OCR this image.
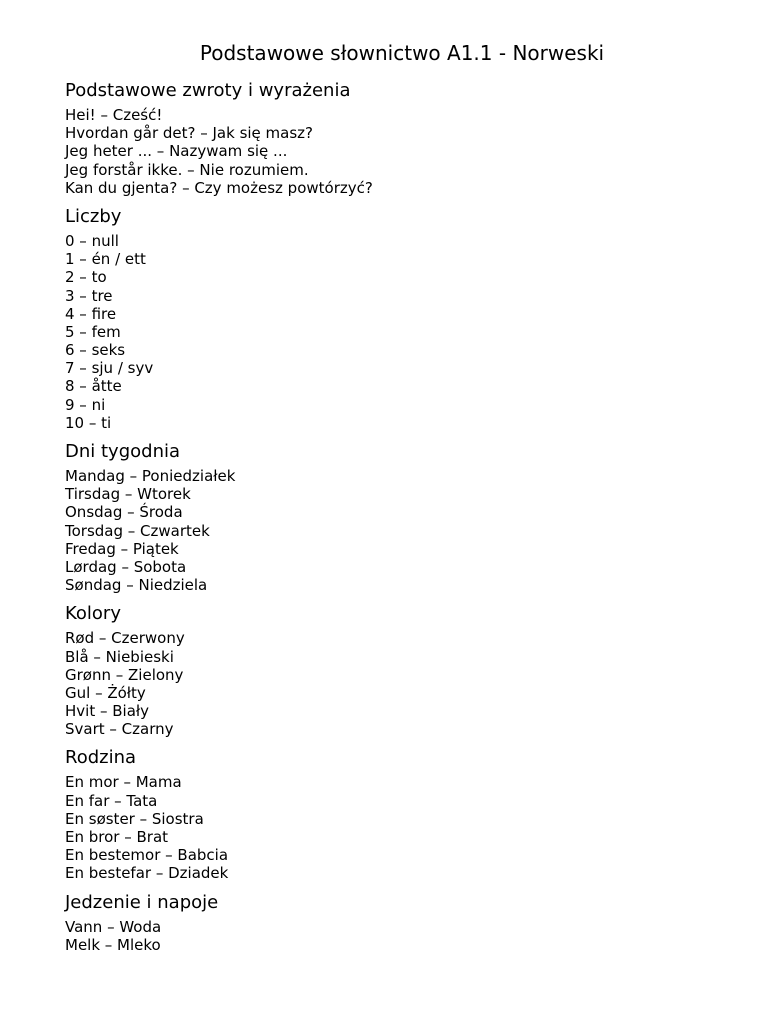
Podstawowe słownictwo A1.1 - Norweski
Podstawowe zwroty i wyrażenia
Hei! – Cześć!
Hvordan går det? – Jak się masz?
Jeg heter ... – Nazywam się ...
Jeg forstår ikke. – Nie rozumiem.
Kan du gjenta? – Czy możesz powtórzyć?
Liczby
0 – null
1 – én / ett
2 – to
3 – tre
4 – fire
5 – fem
6 – seks
7 – sju / syv
8 – åtte
9 – ni
10 – ti
Dni tygodnia
Mandag – Poniedziałek
Tirsdag – Wtorek
Onsdag – Środa
Torsdag – Czwartek
Fredag – Piątek
Lørdag – Sobota
Søndag – Niedziela
Kolory
Rød – Czerwony
Blå – Niebieski
Grønn – Zielony
Gul – Żółty
Hvit – Biały
Svart – Czarny
Rodzina
En mor – Mama
En far – Tata
En søster – Siostra
En bror – Brat
En bestemor – Babcia
En bestefar – Dziadek
Jedzenie i napoje
Vann – Woda
Melk – Mleko
